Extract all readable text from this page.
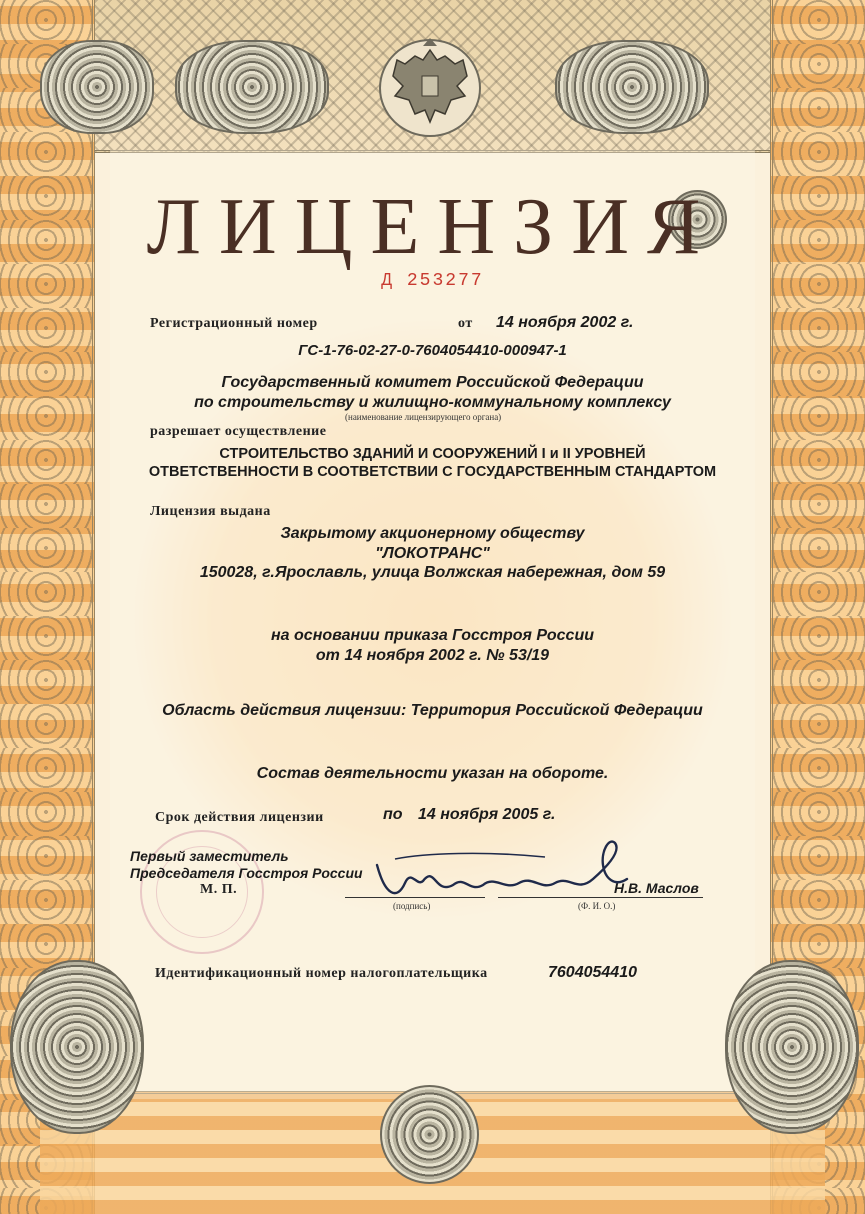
ЛИЦЕНЗИЯ
Д 253277
Регистрационный номер	от 14 ноября 2002 г.
ГС-1-76-02-27-0-7604054410-000947-1
Государственный комитет Российской Федерации
по строительству и жилищно-коммунальному комплексу
(наименование лицензирующего органа)
разрешает осуществление
СТРОИТЕЛЬСТВО ЗДАНИЙ И СООРУЖЕНИЙ I и II УРОВНЕЙ
ОТВЕТСТВЕННОСТИ В СООТВЕТСТВИИ С ГОСУДАРСТВЕННЫМ СТАНДАРТОМ
Лицензия выдана
Закрытому акционерному обществу
"ЛОКОТРАНС"
150028, г.Ярославль, улица Волжская набережная, дом 59
на основании приказа Госстроя России
от 14 ноября 2002 г. № 53/19
Область действия лицензии: Территория Российской Федерации
Состав деятельности указан на обороте.
Срок действия лицензии	по 14 ноября 2005 г.
Первый заместитель
Председателя Госстроя России
М. П.	Н.В. Маслов
(подпись)	(Ф. И. О.)
Идентификационный номер налогоплательщика	7604054410
